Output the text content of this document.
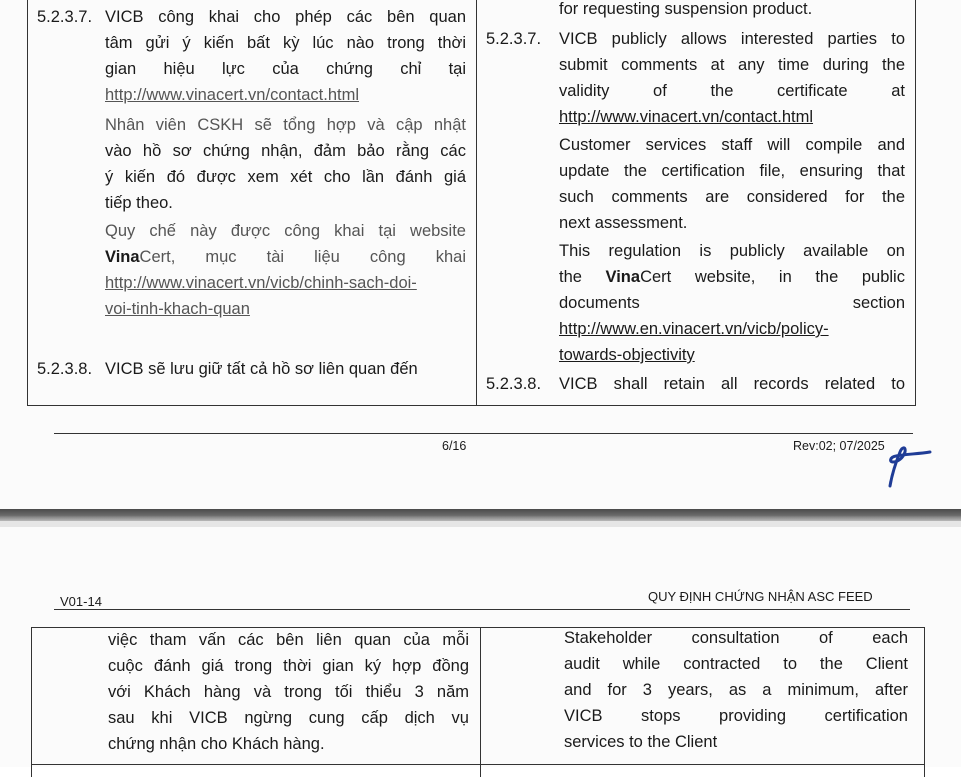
5.2.3.7. VICB công khai cho phép các bên quan
tâm gửi ý kiến bất kỳ lúc nào trong thời
gian hiệu lực của chứng chỉ tại
http://www.vinacert.vn/contact.html
Nhân viên CSKH sẽ tổng hợp và cập nhật
vào hồ sơ chứng nhận, đảm bảo rằng các
ý kiến đó được xem xét cho lần đánh giá
tiếp theo.
Quy chế này được công khai tại website
VinaCert, mục tài liệu công khai
http://www.vinacert.vn/vicb/chinh-sach-doi-
voi-tinh-khach-quan
5.2.3.8. VICB sẽ lưu giữ tất cả hồ sơ liên quan đến
for requesting suspension product.
5.2.3.7. VICB publicly allows interested parties to
submit comments at any time during the
validity of the certificate at
http://www.vinacert.vn/contact.html
Customer services staff will compile and
update the certification file, ensuring that
such comments are considered for the
next assessment.
This regulation is publicly available on
the VinaCert website, in the public
documents section
http://www.en.vinacert.vn/vicb/policy-
towards-objectivity
5.2.3.8. VICB shall retain all records related to
6/16	Rev:02; 07/2025
V01-14	QUY ĐỊNH CHỨNG NHẬN ASC FEED
việc tham vấn các bên liên quan của mỗi
cuộc đánh giá trong thời gian ký hợp đồng
với Khách hàng và trong tối thiểu 3 năm
sau khi VICB ngừng cung cấp dịch vụ
chứng nhận cho Khách hàng.
Stakeholder consultation of each
audit while contracted to the Client
and for 3 years, as a minimum, after
VICB stops providing certification
services to the Client
